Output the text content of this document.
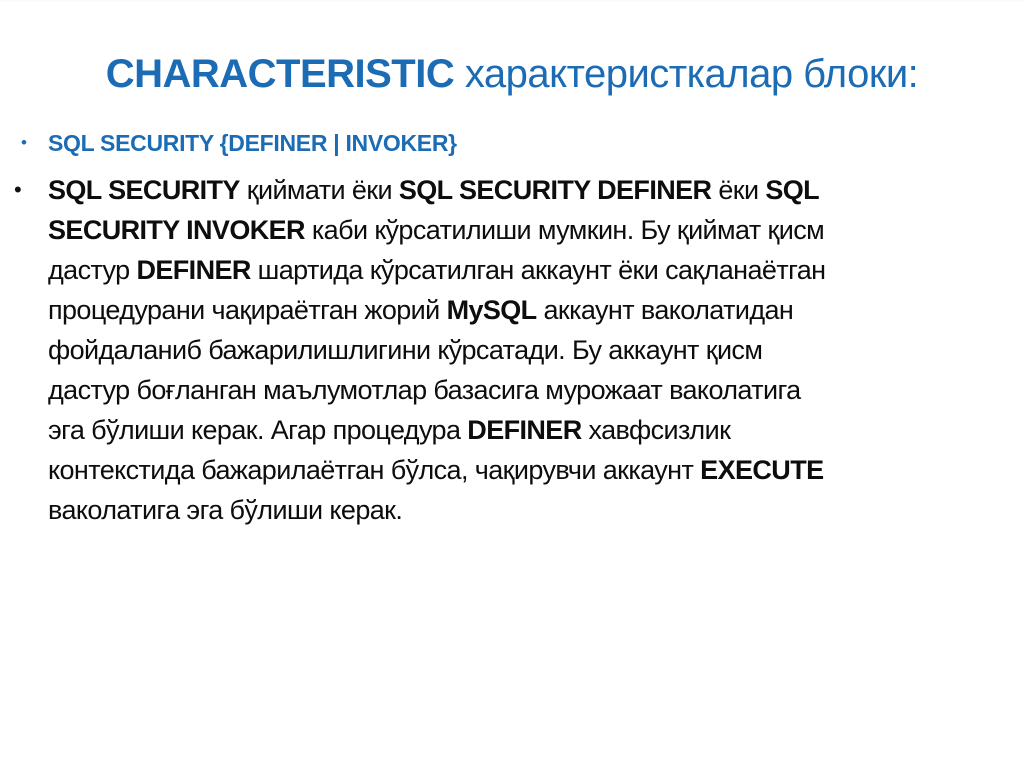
CHARACTERISTIC характеристкалар блоки:
• SQL SECURITY {DEFINER | INVOKER}
• SQL SECURITY қиймати ёки SQL SECURITY DEFINER ёки SQL
SECURITY INVOKER каби кўрсатилиши мумкин. Бу қиймат қисм
дастур DEFINER шартида кўрсатилган аккаунт ёки сақланаётган
процедурани чақираётган жорий MySQL аккаунт ваколатидан
фойдаланиб бажарилишлигини кўрсатади. Бу аккаунт қисм
дастур боғланган маълумотлар базасига мурожаат ваколатига
эга бўлиши керак. Агар процедура DEFINER хавфсизлик
контекстида бажарилаётган бўлса, чақирувчи аккаунт EXECUTE
ваколатига эга бўлиши керак.
